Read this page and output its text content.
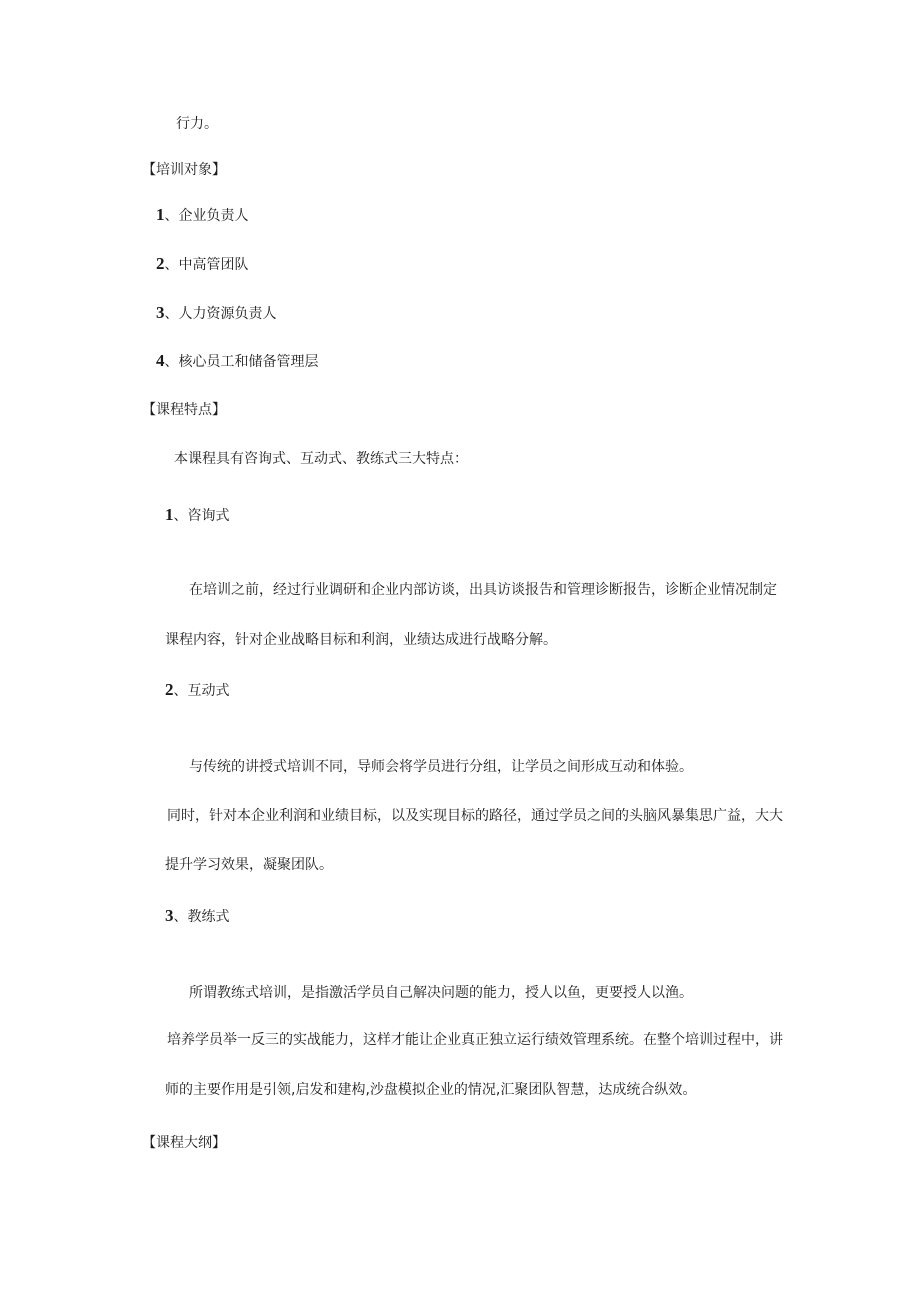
行力。
【培训对象】
1、企业负责人
2、中高管团队
3、人力资源负责人
4、核心员工和储备管理层
【课程特点】
本课程具有咨询式、互动式、教练式三大特点：
1、咨询式
在培训之前，经过行业调研和企业内部访谈，出具访谈报告和管理诊断报告，诊断企业情况制定
课程内容，针对企业战略目标和利润，业绩达成进行战略分解。
2、互动式
与传统的讲授式培训不同，导师会将学员进行分组，让学员之间形成互动和体验。
同时，针对本企业利润和业绩目标，以及实现目标的路径，通过学员之间的头脑风暴集思广益，大大
提升学习效果，凝聚团队。
3、教练式
所谓教练式培训，是指激活学员自己解决问题的能力，授人以鱼，更要授人以渔。
培养学员举一反三的实战能力，这样才能让企业真正独立运行绩效管理系统。在整个培训过程中，讲
师的主要作用是引领,启发和建构,沙盘模拟企业的情况,汇聚团队智慧，达成统合纵效。
【课程大纲】
